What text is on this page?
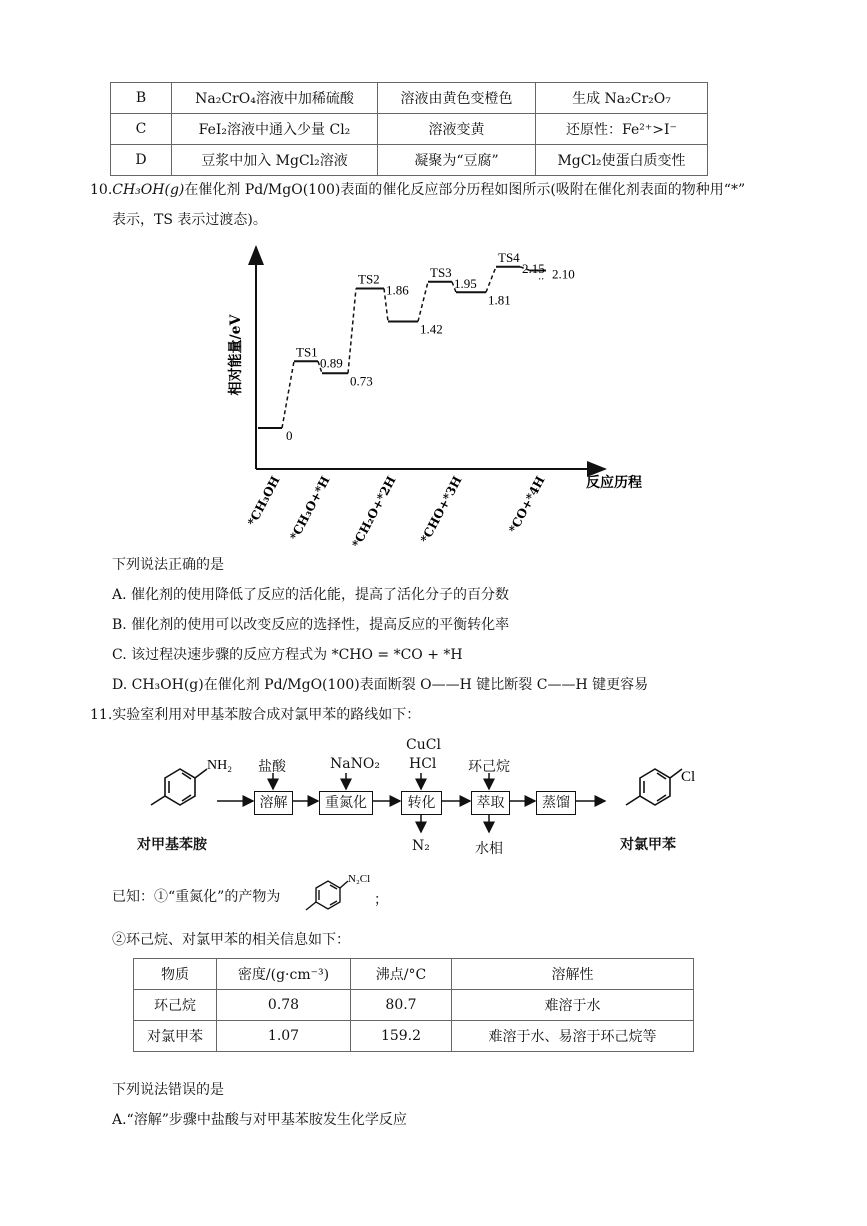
B	Na₂CrO₄溶液中加稀硫酸	溶液由黄色变橙色	生成 Na₂Cr₂O₇
C	FeI₂溶液中通入少量 Cl₂	溶液变黄	还原性：Fe²⁺>I⁻
D	豆浆中加入 MgCl₂溶液	凝聚为“豆腐”	MgCl₂使蛋白质变性
10.CH₃OH(g)在催化剂 Pd/MgO(100)表面的催化反应部分历程如图所示(吸附在催化剂表面的物种用“*”
表示，TS 表示过渡态)。
0
0.89
0.73
1.86
1.42
1.95
1.81
2.15 2.10
··
TS1
TS2	TS3
TS4
*CH₃OH *CH₃O+*H *CH₂O+*2H *CHO+*3H	*CO+*4H
相对能量/eV
反应历程
下列说法正确的是
A. 催化剂的使用降低了反应的活化能，提高了活化分子的百分数
B. 催化剂的使用可以改变反应的选择性，提高反应的平衡转化率
C. 该过程决速步骤的反应方程式为 *CHO = *CO + *H
D. CH₃OH(g)在催化剂 Pd/MgO(100)表面断裂 O——H 键比断裂 C——H 键更容易
11.实验室利用对甲基苯胺合成对氯甲苯的路线如下：
NH₂
Cl
溶解	重氮化	转化	萃取	蒸馏
盐酸	NaNO₂
CuCl
HCl 环己烷
N₂	水相
对甲基苯胺	对氯甲苯
已知：①“重氮化”的产物为
N₂Cl
；
②环己烷、对氯甲苯的相关信息如下：
物质	密度/(g·cm⁻³)	沸点/°C	溶解性
环己烷	0.78	80.7	难溶于水
对氯甲苯	1.07	159.2	难溶于水、易溶于环己烷等
下列说法错误的是
A.“溶解”步骤中盐酸与对甲基苯胺发生化学反应
